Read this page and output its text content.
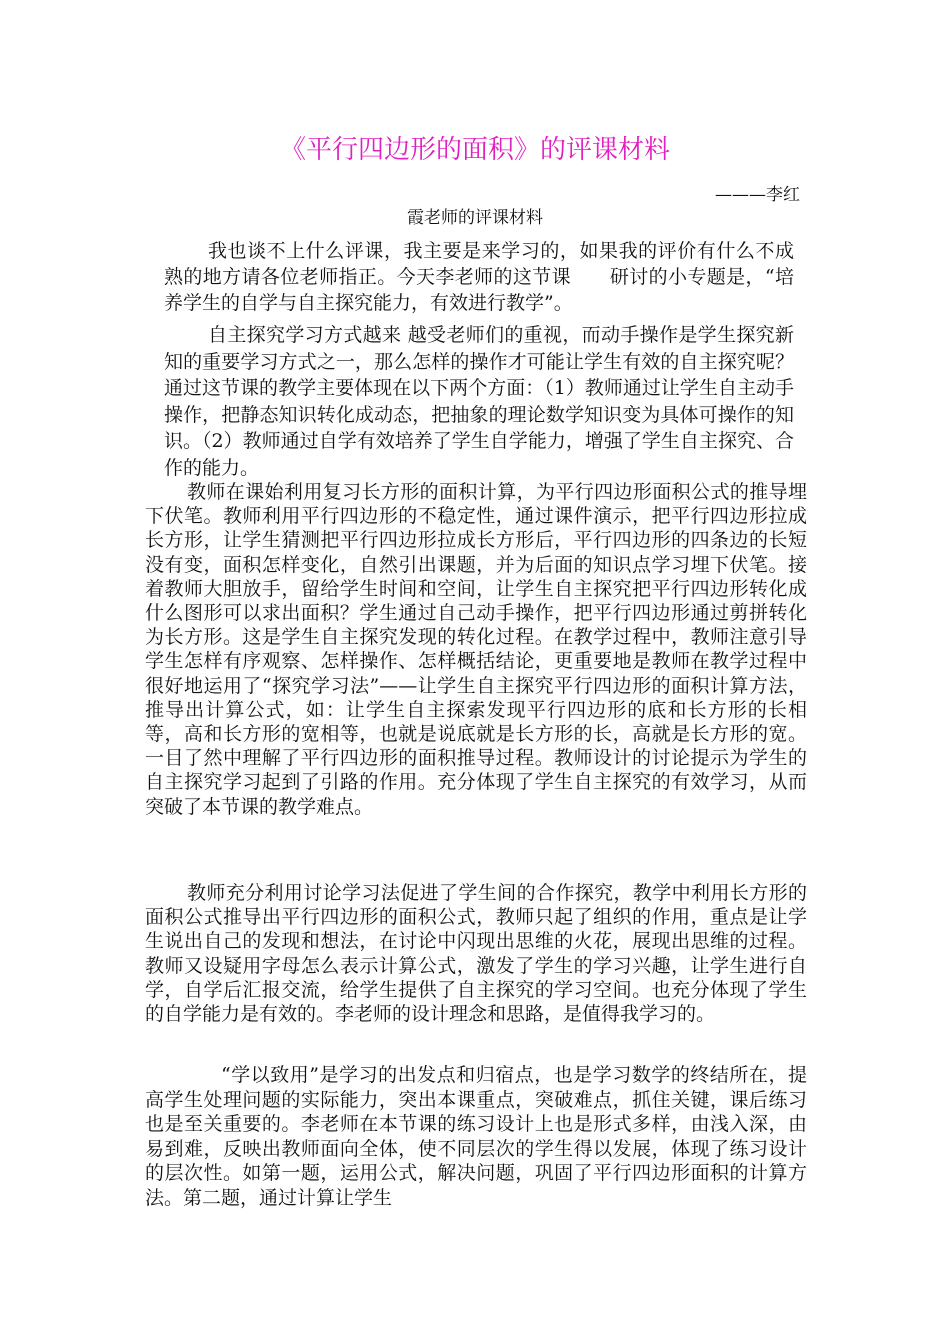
《平行四边形的面积》的评课材料
———李红
霞老师的评课材料

我也谈不上什么评课，我主要是来学习的，如果我的评价有什么不成熟的地方请各位老师指正。今天李老师的这节课　　研讨的小专题是，“培养学生的自学与自主探究能力，有效进行教学”。

自主探究学习方式越来 越受老师们的重视，而动手操作是学生探究新知的重要学习方式之一，那么怎样的操作才可能让学生有效的自主探究呢？通过这节课的教学主要体现在以下两个方面：（1）教师通过让学生自主动手操作，把静态知识转化成动态，把抽象的理论数学知识变为具体可操作的知识。（2）教师通过自学有效培养了学生自学能力，增强了学生自主探究、合作的能力。

教师在课始利用复习长方形的面积计算，为平行四边形面积公式的推导埋下伏笔。教师利用平行四边形的不稳定性，通过课件演示，把平行四边形拉成长方形，让学生猜测把平行四边形拉成长方形后，平行四边形的四条边的长短没有变，面积怎样变化，自然引出课题，并为后面的知识点学习埋下伏笔。接着教师大胆放手，留给学生时间和空间，让学生自主探究把平行四边形转化成什么图形可以求出面积？学生通过自己动手操作，把平行四边形通过剪拼转化为长方形。这是学生自主探究发现的转化过程。在教学过程中，教师注意引导学生怎样有序观察、怎样操作、怎样概括结论，更重要地是教师在教学过程中很好地运用了“探究学习法”——让学生自主探究平行四边形的面积计算方法，推导出计算公式，如：让学生自主探索发现平行四边形的底和长方形的长相等，高和长方形的宽相等，也就是说底就是长方形的长，高就是长方形的宽。一目了然中理解了平行四边形的面积推导过程。教师设计的讨论提示为学生的自主探究学习起到了引路的作用。充分体现了学生自主探究的有效学习，从而突破了本节课的教学难点。

教师充分利用讨论学习法促进了学生间的合作探究，教学中利用长方形的面积公式推导出平行四边形的面积公式，教师只起了组织的作用，重点是让学生说出自己的发现和想法，在讨论中闪现出思维的火花，展现出思维的过程。教师又设疑用字母怎么表示计算公式，激发了学生的学习兴趣，让学生进行自学，自学后汇报交流，给学生提供了自主探究的学习空间。也充分体现了学生的自学能力是有效的。李老师的设计理念和思路，是值得我学习的。

“学以致用”是学习的出发点和归宿点，也是学习数学的终结所在，提高学生处理问题的实际能力，突出本课重点，突破难点，抓住关键，课后练习也是至关重要的。李老师在本节课的练习设计上也是形式多样，由浅入深，由易到难，反映出教师面向全体，使不同层次的学生得以发展，体现了练习设计的层次性。如第一题，运用公式，解决问题，巩固了平行四边形面积的计算方法。第二题，通过计算让学生
